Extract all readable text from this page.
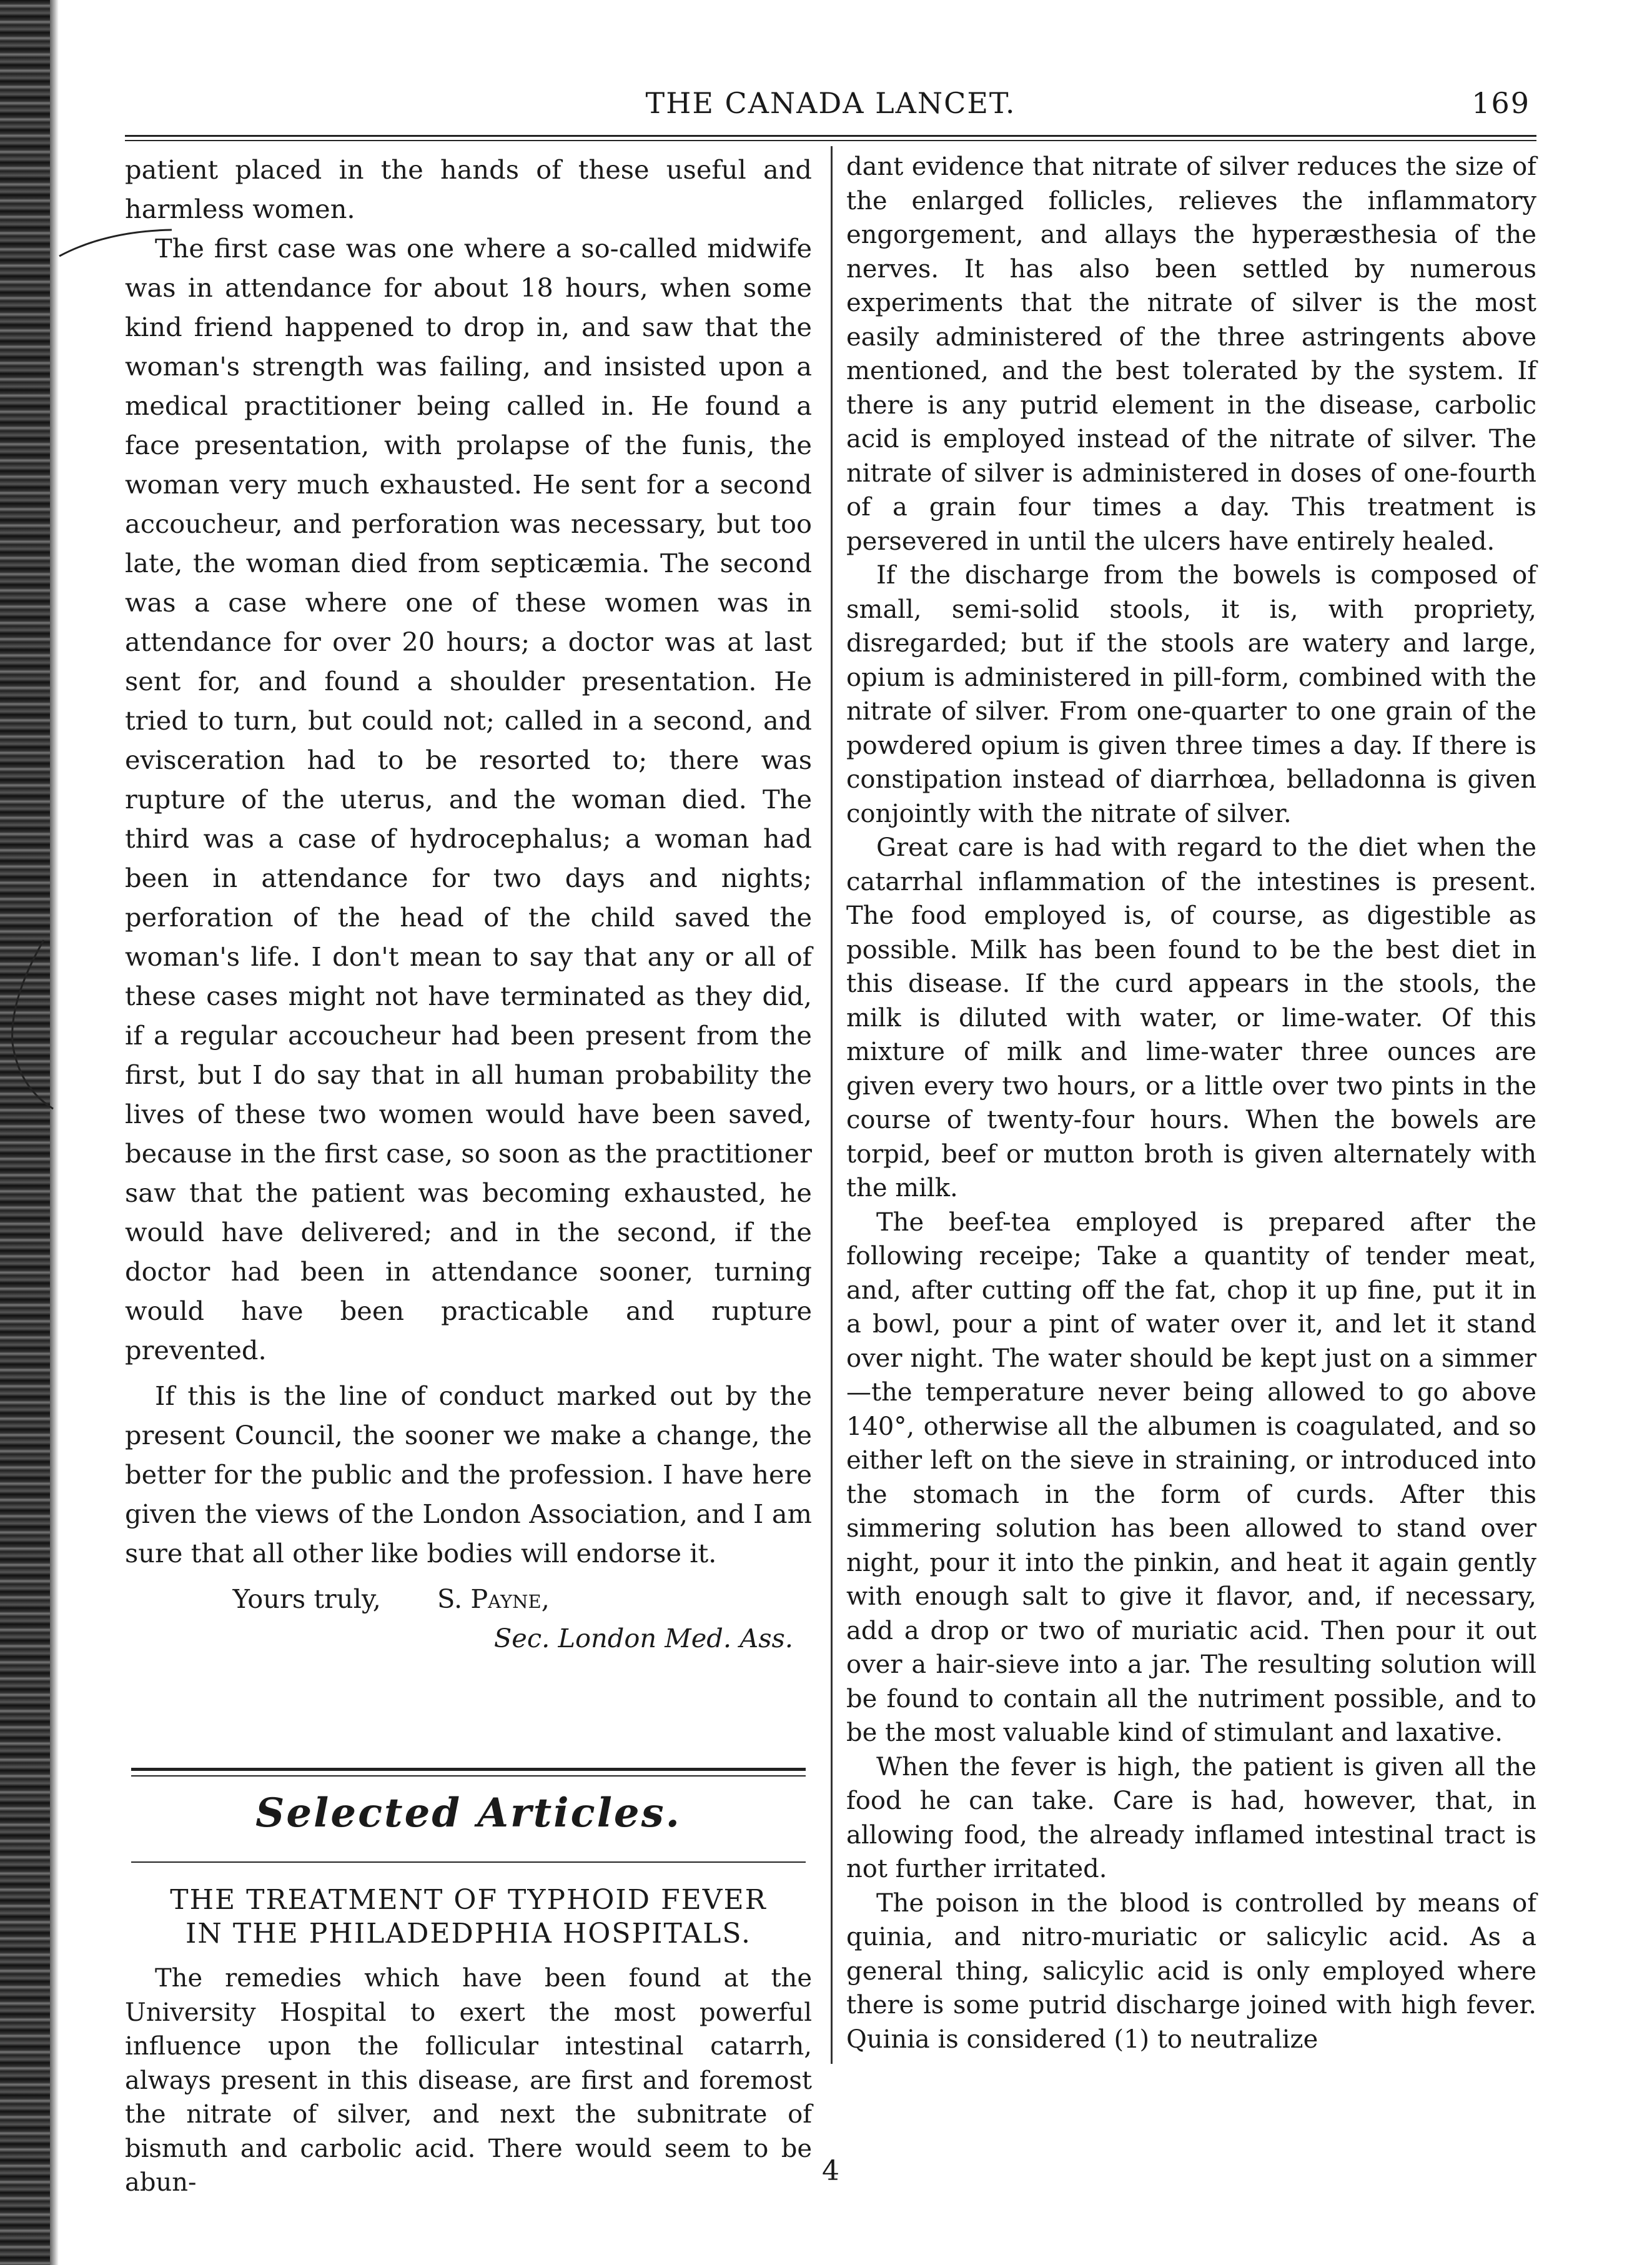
THE CANADA LANCET.	169

patient placed in the hands of these useful and harmless women.

The first case was one where a so-called midwife was in attendance for about 18 hours, when some kind friend happened to drop in, and saw that the woman's strength was failing, and insisted upon a medical practitioner being called in. He found a face presentation, with prolapse of the funis, the woman very much exhausted. He sent for a second accoucheur, and perforation was necessary, but too late, the woman died from septicæmia. The second was a case where one of these women was in attendance for over 20 hours; a doctor was at last sent for, and found a shoulder presentation. He tried to turn, but could not; called in a second, and evisceration had to be resorted to; there was rupture of the uterus, and the woman died. The third was a case of hydrocephalus; a woman had been in attendance for two days and nights; perforation of the head of the child saved the woman's life. I don't mean to say that any or all of these cases might not have terminated as they did, if a regular accoucheur had been present from the first, but I do say that in all human probability the lives of these two women would have been saved, because in the first case, so soon as the practitioner saw that the patient was becoming exhausted, he would have delivered; and in the second, if the doctor had been in attendance sooner, turning would have been practicable and rupture prevented.

If this is the line of conduct marked out by the present Council, the sooner we make a change, the better for the public and the profession. I have here given the views of the London Association, and I am sure that all other like bodies will endorse it.

Yours truly,	S. Payne,
Sec. London Med. Ass.
Selected Articles.
THE TREATMENT OF TYPHOID FEVER
IN THE PHILADEDPHIA HOSPITALS.
The remedies which have been found at the University Hospital to exert the most powerful influence upon the follicular intestinal catarrh, always present in this disease, are first and foremost the nitrate of silver, and next the subnitrate of bismuth and carbolic acid. There would seem to be abun-

dant evidence that nitrate of silver reduces the size of the enlarged follicles, relieves the inflammatory engorgement, and allays the hyperæsthesia of the nerves. It has also been settled by numerous experiments that the nitrate of silver is the most easily administered of the three astringents above mentioned, and the best tolerated by the system. If there is any putrid element in the disease, carbolic acid is employed instead of the nitrate of silver. The nitrate of silver is administered in doses of one-fourth of a grain four times a day. This treatment is persevered in until the ulcers have entirely healed.

If the discharge from the bowels is composed of small, semi-solid stools, it is, with propriety, disregarded; but if the stools are watery and large, opium is administered in pill-form, combined with the nitrate of silver. From one-quarter to one grain of the powdered opium is given three times a day. If there is constipation instead of diarrhœa, belladonna is given conjointly with the nitrate of silver.

Great care is had with regard to the diet when the catarrhal inflammation of the intestines is present. The food employed is, of course, as digestible as possible. Milk has been found to be the best diet in this disease. If the curd appears in the stools, the milk is diluted with water, or lime-water. Of this mixture of milk and lime-water three ounces are given every two hours, or a little over two pints in the course of twenty-four hours. When the bowels are torpid, beef or mutton broth is given alternately with the milk.

The beef-tea employed is prepared after the following receipe; Take a quantity of tender meat, and, after cutting off the fat, chop it up fine, put it in a bowl, pour a pint of water over it, and let it stand over night. The water should be kept just on a simmer—the temperature never being allowed to go above 140°, otherwise all the albumen is coagulated, and so either left on the sieve in straining, or introduced into the stomach in the form of curds. After this simmering solution has been allowed to stand over night, pour it into the pinkin, and heat it again gently with enough salt to give it flavor, and, if necessary, add a drop or two of muriatic acid. Then pour it out over a hair-sieve into a jar. The resulting solution will be found to contain all the nutriment possible, and to be the most valuable kind of stimulant and laxative.

When the fever is high, the patient is given all the food he can take. Care is had, however, that, in allowing food, the already inflamed intestinal tract is not further irritated.

The poison in the blood is controlled by means of quinia, and nitro-muriatic or salicylic acid. As a general thing, salicylic acid is only employed where there is some putrid discharge joined with high fever. Quinia is considered (1) to neutralize

4
